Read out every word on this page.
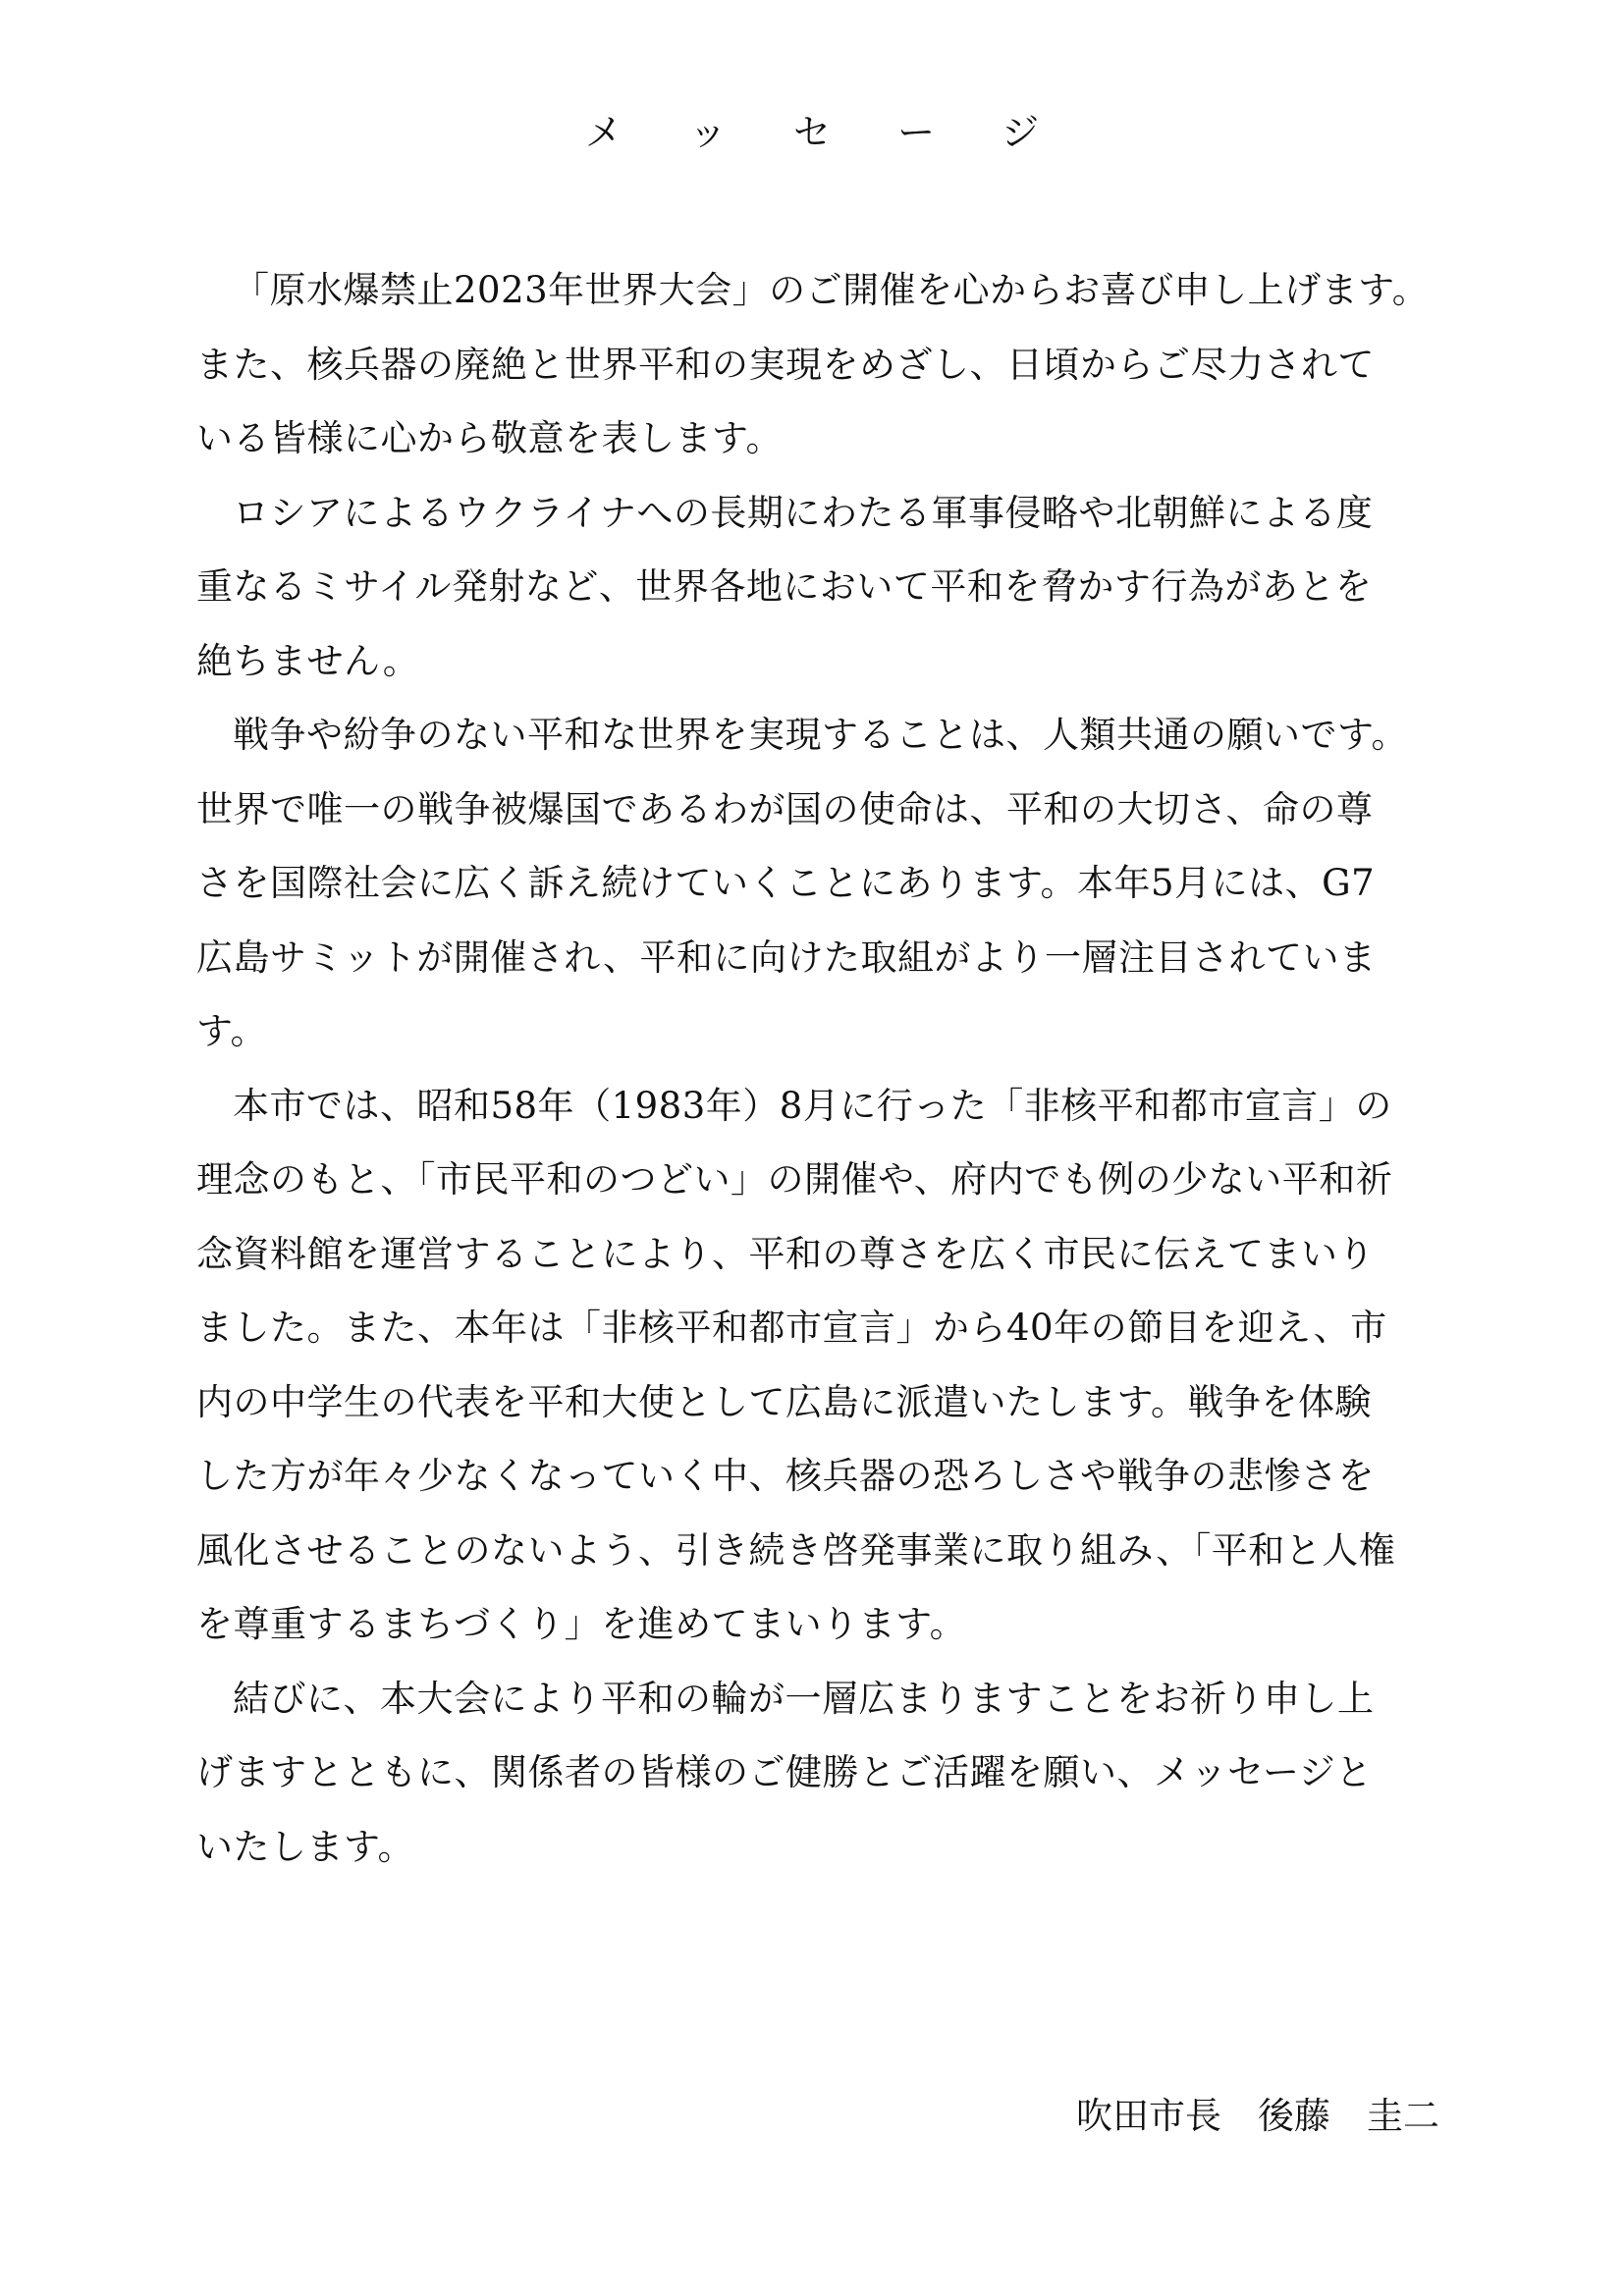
メ ッ セ ー ジ

「原水爆禁止2023年世界大会」のご開催を心からお喜び申し上げます。
また、核兵器の廃絶と世界平和の実現をめざし、日頃からご尽力されて
いる皆様に心から敬意を表します。

ロシアによるウクライナへの長期にわたる軍事侵略や北朝鮮による度
重なるミサイル発射など、世界各地において平和を脅かす行為があとを
絶ちません。

戦争や紛争のない平和な世界を実現することは、人類共通の願いです。
世界で唯一の戦争被爆国であるわが国の使命は、平和の大切さ、命の尊
さを国際社会に広く訴え続けていくことにあります。本年5月には、G7
広島サミットが開催され、平和に向けた取組がより一層注目されていま
す。

本市では、昭和58年（1983年）8月に行った「非核平和都市宣言」の
理念のもと、「市民平和のつどい」の開催や、府内でも例の少ない平和祈
念資料館を運営することにより、平和の尊さを広く市民に伝えてまいり
ました。また、本年は「非核平和都市宣言」から40年の節目を迎え、市
内の中学生の代表を平和大使として広島に派遣いたします。戦争を体験
した方が年々少なくなっていく中、核兵器の恐ろしさや戦争の悲惨さを
風化させることのないよう、引き続き啓発事業に取り組み、「平和と人権
を尊重するまちづくり」を進めてまいります。

結びに、本大会により平和の輪が一層広まりますことをお祈り申し上
げますとともに、関係者の皆様のご健勝とご活躍を願い、メッセージと
いたします。

吹田市長　後藤　圭二
